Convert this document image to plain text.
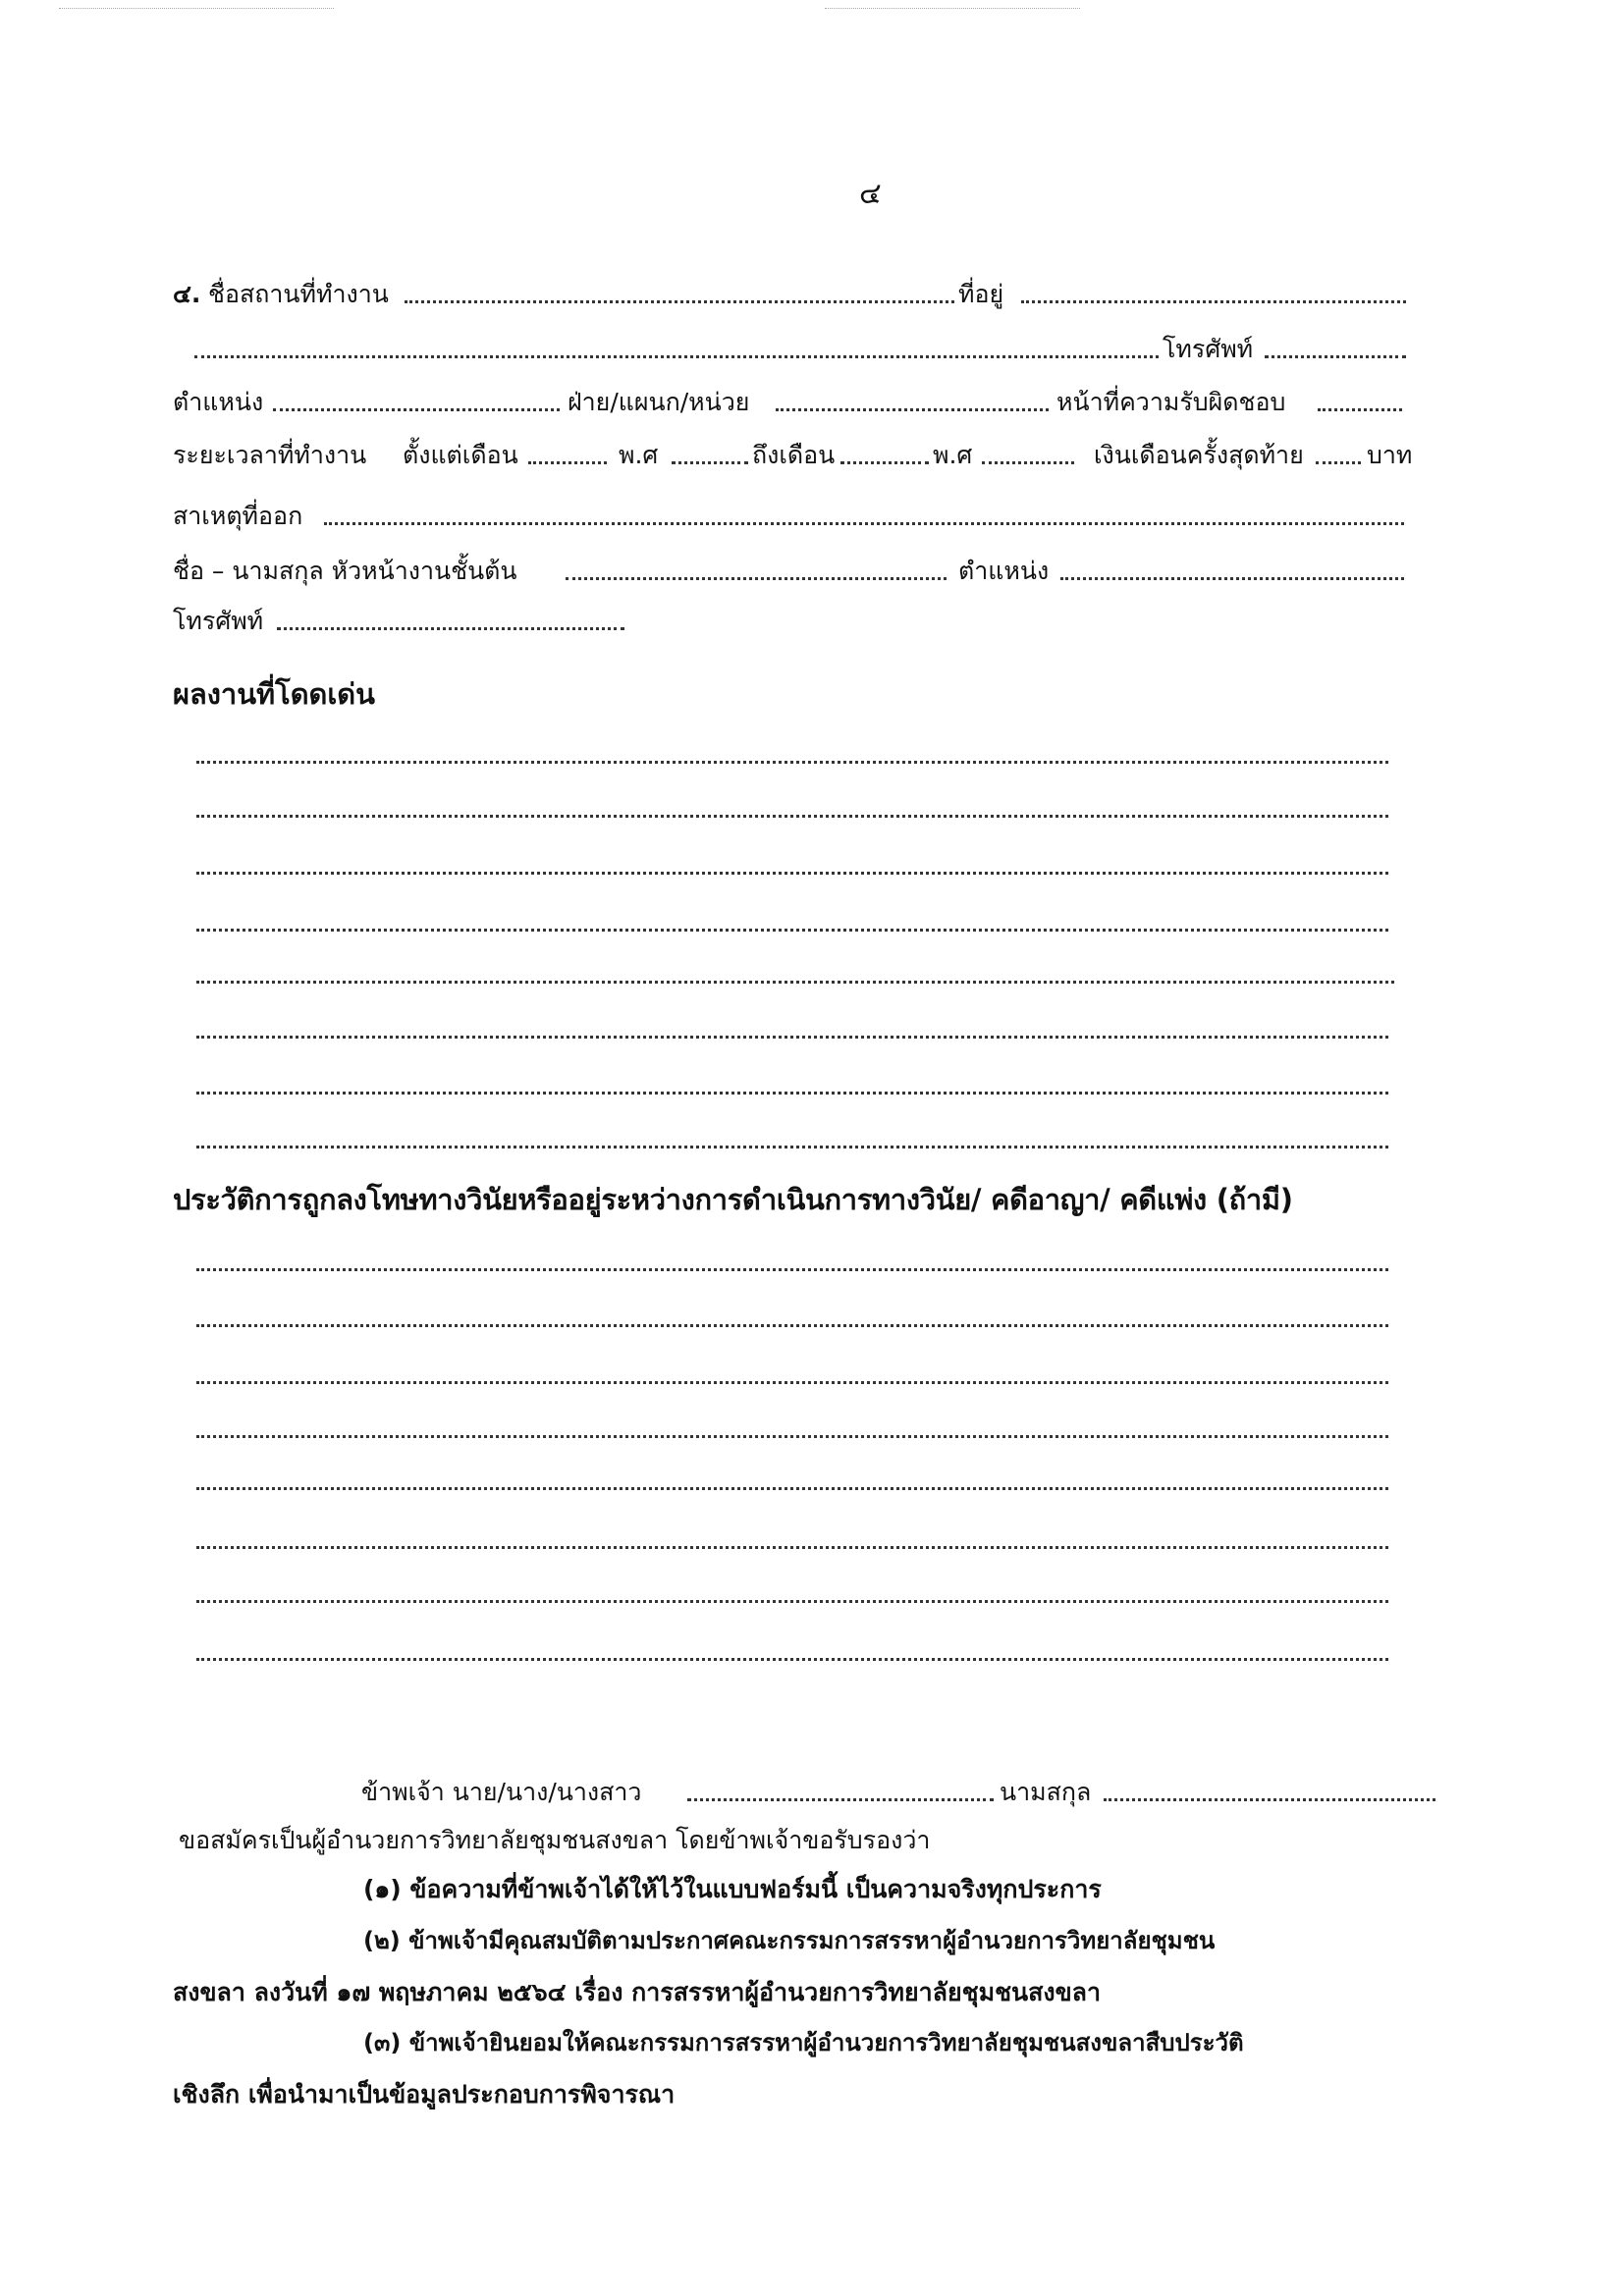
๔
๔. ชื่อสถานที่ทำงาน	ที่อยู่
โทรศัพท์
ตำแหน่ง	ฝ่าย/แผนก/หน่วย	หน้าที่ความรับผิดชอบ
ระยะเวลาที่ทำงาน ตั้งแต่เดือน	พ.ศ	ถึงเดือน	พ.ศ	เงินเดือนครั้งสุดท้าย	บาท
สาเหตุที่ออก
ชื่อ – นามสกุล หัวหน้างานชั้นต้น	ตำแหน่ง
โทรศัพท์
ผลงานที่โดดเด่น
ประวัติการถูกลงโทษทางวินัยหรืออยู่ระหว่างการดำเนินการทางวินัย/ คดีอาญา/ คดีแพ่ง (ถ้ามี)
ข้าพเจ้า นาย/นาง/นางสาว	นามสกุล
ขอสมัครเป็นผู้อำนวยการวิทยาลัยชุมชนสงขลา โดยข้าพเจ้าขอรับรองว่า
(๑) ข้อความที่ข้าพเจ้าได้ให้ไว้ในแบบฟอร์มนี้ เป็นความจริงทุกประการ
(๒) ข้าพเจ้ามีคุณสมบัติตามประกาศคณะกรรมการสรรหาผู้อำนวยการวิทยาลัยชุมชน
สงขลา ลงวันที่ ๑๗ พฤษภาคม ๒๕๖๔ เรื่อง การสรรหาผู้อำนวยการวิทยาลัยชุมชนสงขลา
(๓) ข้าพเจ้ายินยอมให้คณะกรรมการสรรหาผู้อำนวยการวิทยาลัยชุมชนสงขลาสืบประวัติ
เชิงลึก เพื่อนำมาเป็นข้อมูลประกอบการพิจารณา
